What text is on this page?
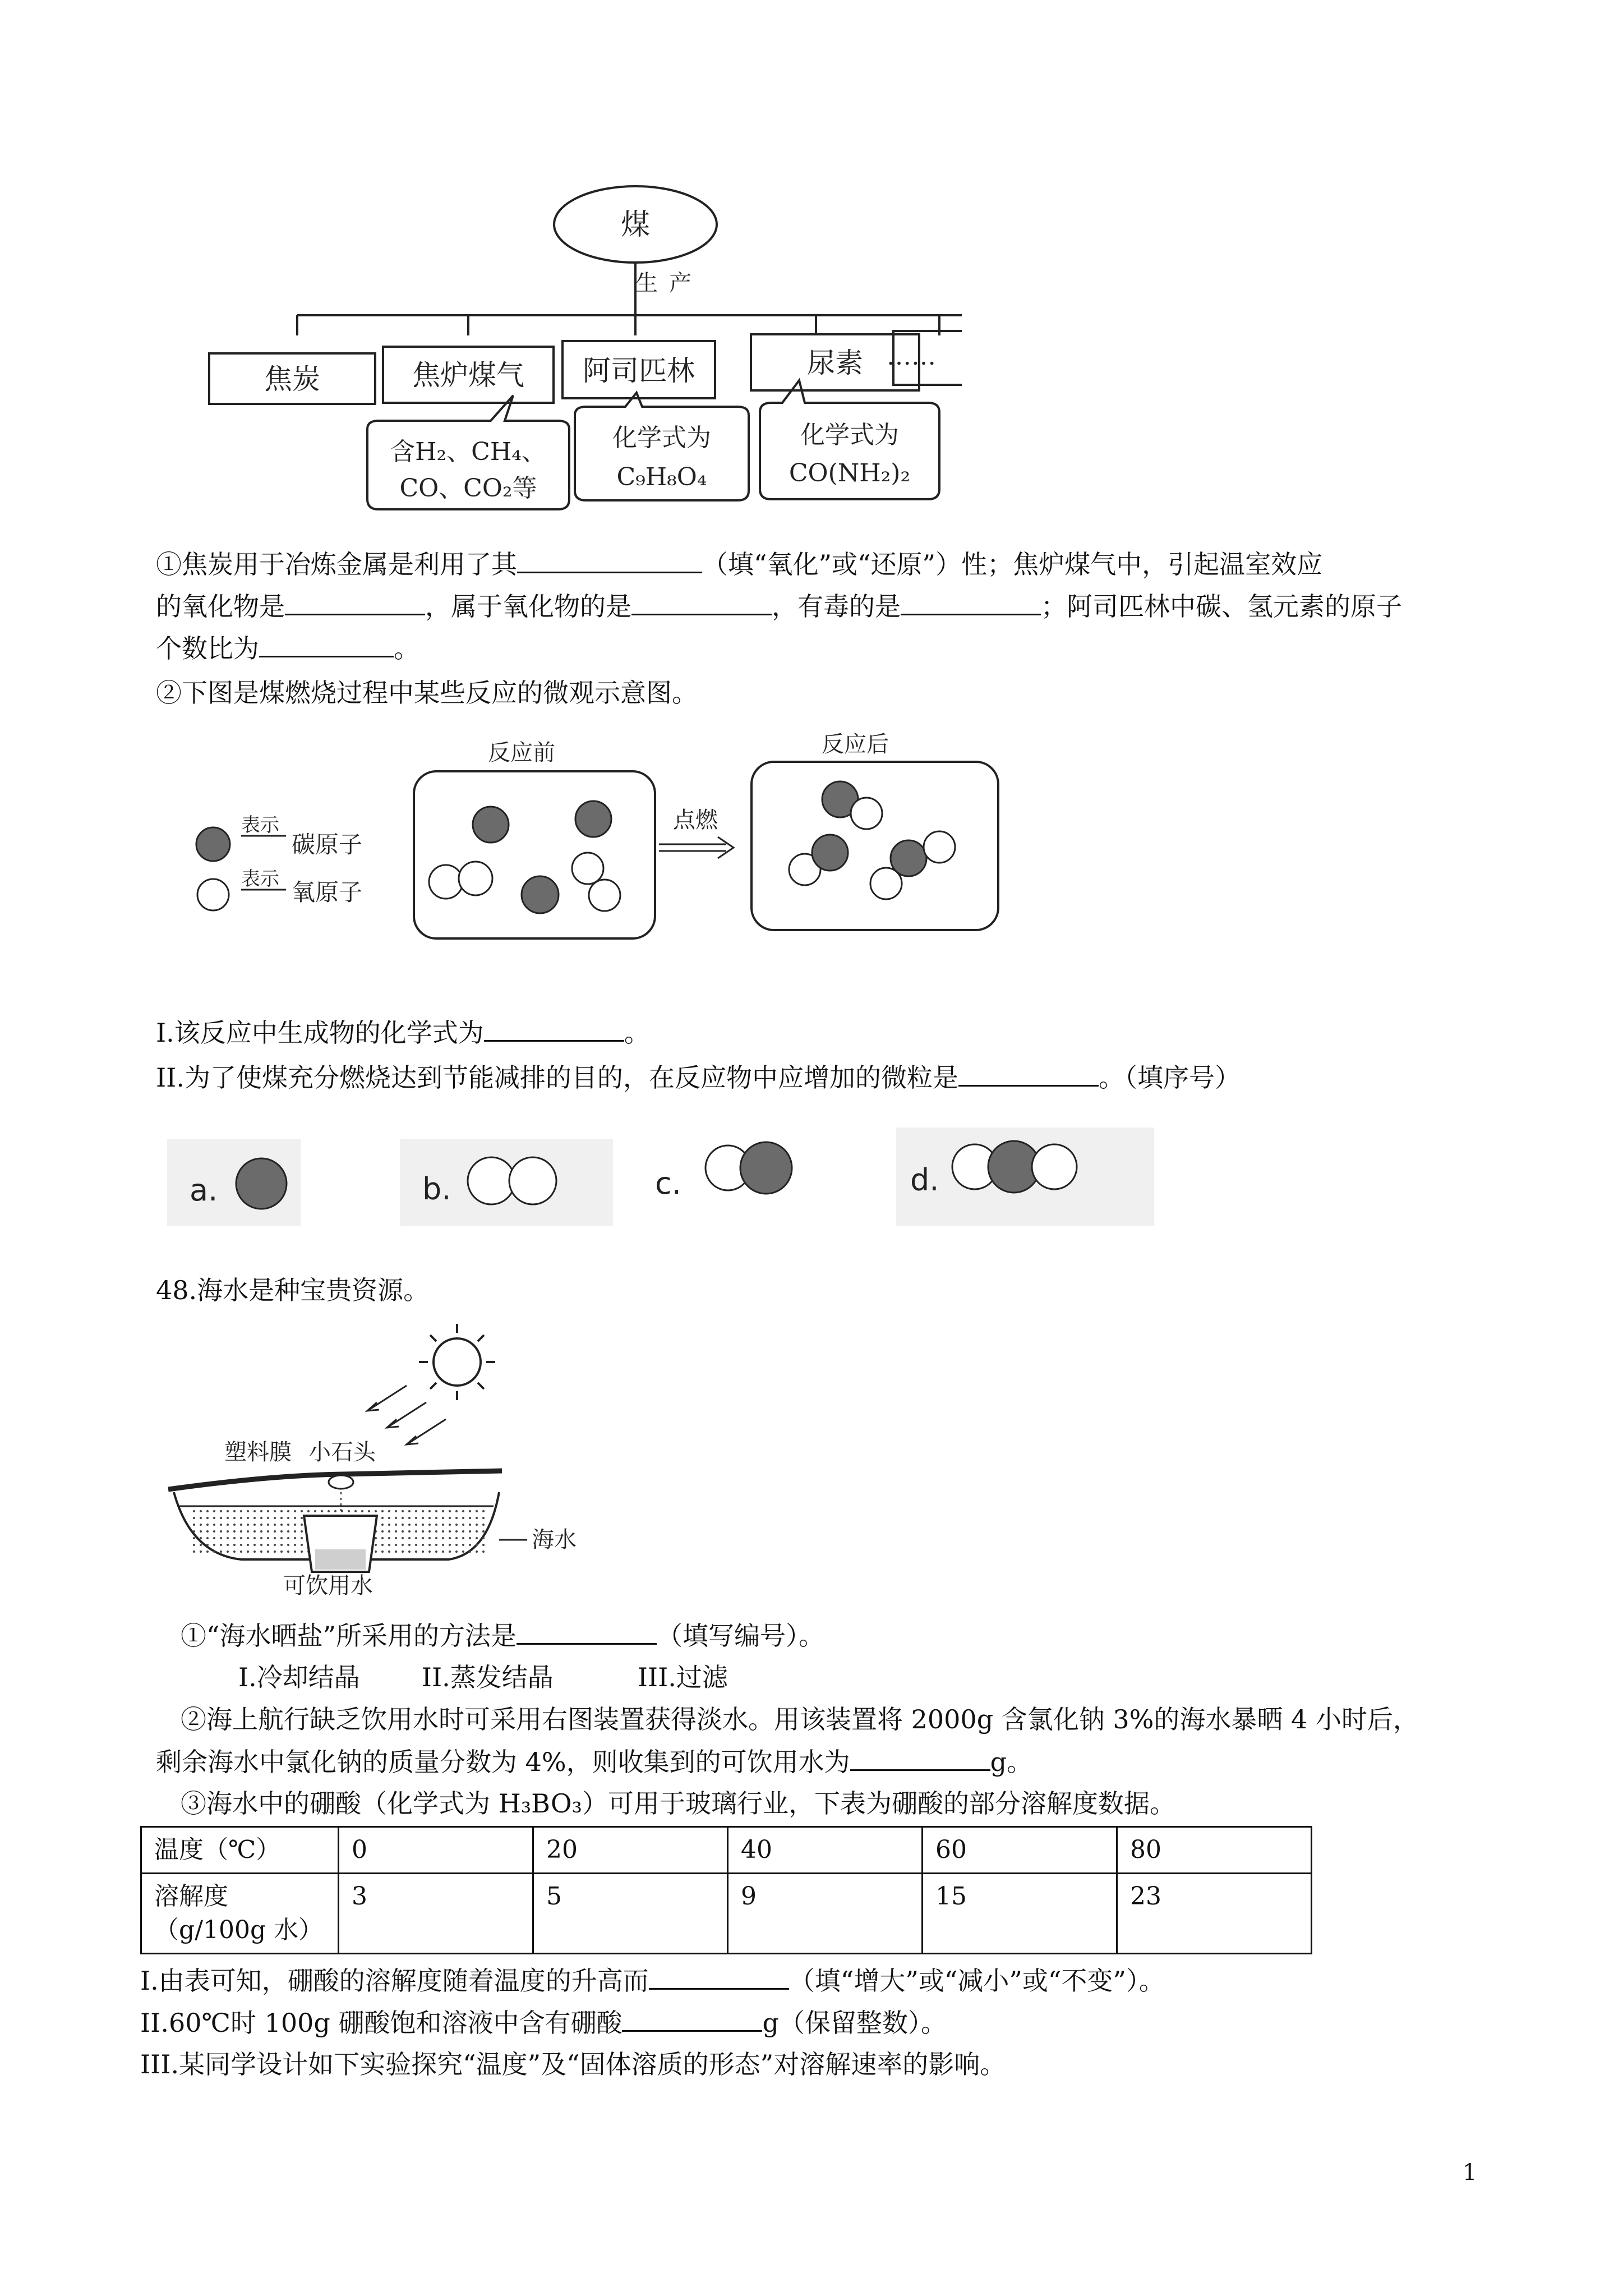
煤
生产
焦炭	焦炉煤气 阿司匹林	尿素 ……
含H₂、CH₄、
CO、CO₂等
化学式为
C₉H₈O₄
化学式为
CO(NH₂)₂
①焦炭用于冶炼金属是利用了其	（填“氧化”或“还原”）性；焦炉煤气中，引起温室效应
的氧化物是	，属于氧化物的是	，有毒的是	；阿司匹林中碳、氢元素的原子
个数比为	。
②下图是煤燃烧过程中某些反应的微观示意图。
表示
碳原子
表示 氧原子
反应前
点燃
反应后
I.该反应中生成物的化学式为	。
II.为了使煤充分燃烧达到节能减排的目的，在反应物中应增加的微粒是	。（填序号）
a.	b.	c.	d.
48.海水是种宝贵资源。
塑料膜 小石头
海水
可饮用水
①“海水晒盐”所采用的方法是	（填写编号）。
I.冷却结晶 II.蒸发结晶	III.过滤
②海上航行缺乏饮用水时可采用右图装置获得淡水。用该装置将 2000g 含氯化钠 3%的海水暴晒 4 小时后，
剩余海水中氯化钠的质量分数为 4%，则收集到的可饮用水为	g。
③海水中的硼酸（化学式为 H₃BO₃）可用于玻璃行业，下表为硼酸的部分溶解度数据。
温度（℃）	0	20	40	60	80

溶解度
（g/100g 水）	3	5	9	15	23
I.由表可知，硼酸的溶解度随着温度的升高而	（填“增大”或“减小”或“不变”）。
II.60℃时 100g 硼酸饱和溶液中含有硼酸	g（保留整数）。
III.某同学设计如下实验探究“温度”及“固体溶质的形态”对溶解速率的影响。
1
